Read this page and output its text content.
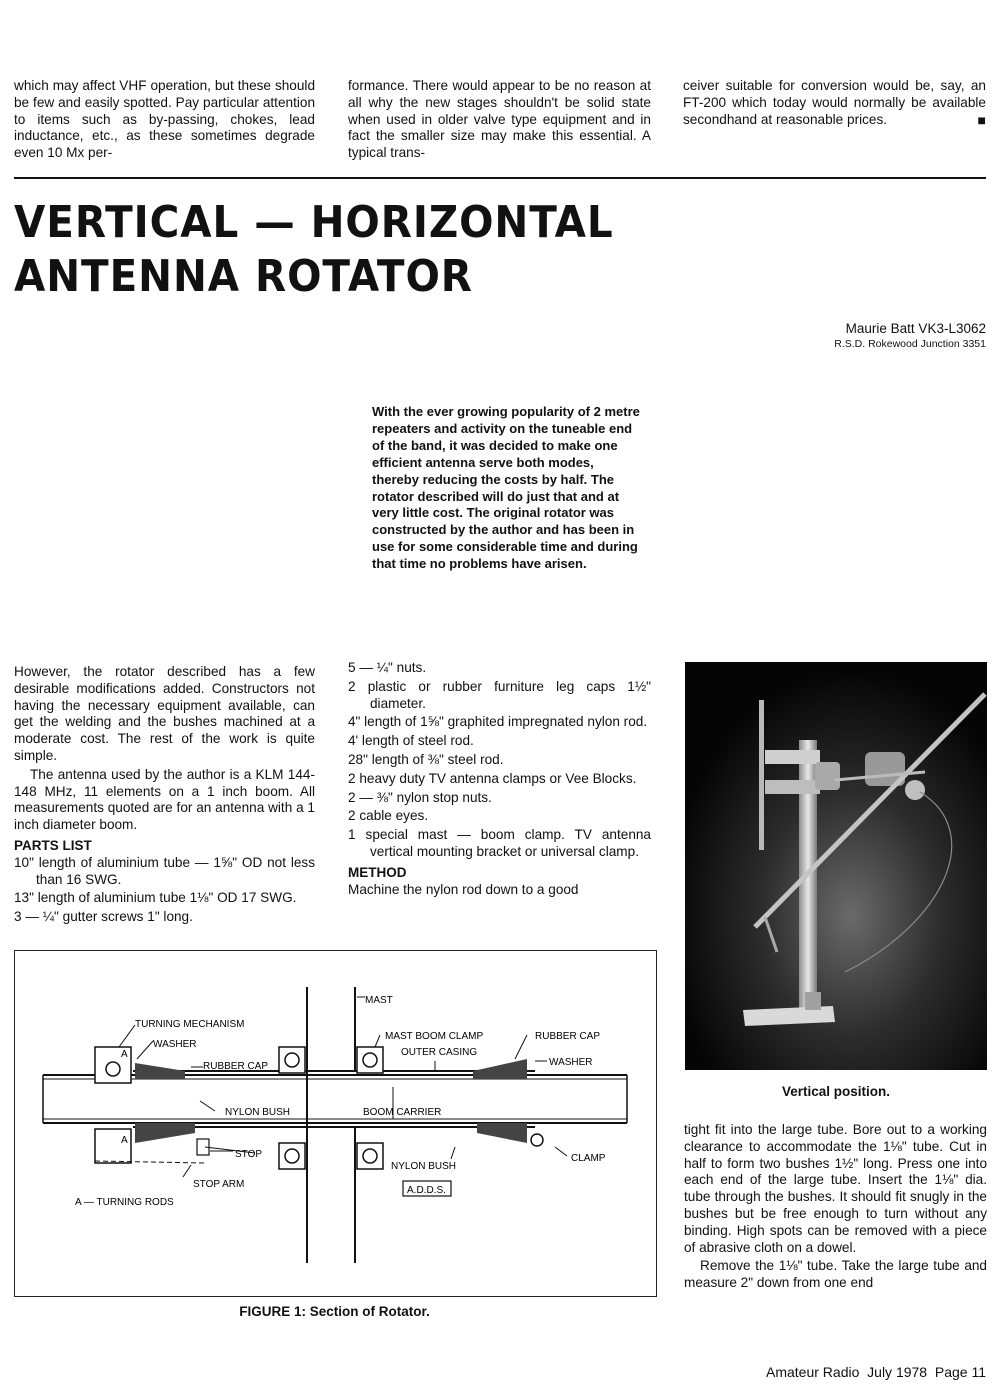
which may affect VHF operation, but these should be few and easily spotted. Pay particular attention to items such as by-passing, chokes, lead inductance, etc., as these sometimes degrade even 10 Mx per-
formance. There would appear to be no reason at all why the new stages shouldn't be solid state when used in older valve type equipment and in fact the smaller size may make this essential. A typical trans-
ceiver suitable for conversion would be, say, an FT-200 which today would normally be available secondhand at reasonable prices.	■
VERTICAL — HORIZONTAL
ANTENNA ROTATOR
Maurie Batt VK3-L3062
R.S.D. Rokewood Junction 3351
With the ever growing popularity of 2 metre repeaters and activity on the tuneable end of the band, it was decided to make one efficient antenna serve both modes, thereby reducing the costs by half. The rotator described will do just that and at very little cost. The original rotator was constructed by the author and has been in use for some considerable time and during that time no problems have arisen.

However, the rotator described has a few desirable modifications added. Constructors not having the necessary equipment available, can get the welding and the bushes machined at a moderate cost. The rest of the work is quite simple.

The antenna used by the author is a KLM 144-148 MHz, 11 elements on a 1 inch boom. All measurements quoted are for an antenna with a 1 inch diameter boom.

PARTS LIST

10" length of aluminium tube — 1⅝" OD not less than 16 SWG.

13" length of aluminium tube 1⅛" OD 17 SWG.

3 — ¼" gutter screws 1" long.

5 — ¼" nuts.

2 plastic or rubber furniture leg caps 1½" diameter.

4" length of 1⅝" graphited impregnated nylon rod.

4' length of steel rod.

28" length of ⅜" steel rod.

2 heavy duty TV antenna clamps or Vee Blocks.

2 — ⅜" nylon stop nuts.

2 cable eyes.

1 special mast — boom clamp. TV antenna vertical mounting bracket or universal clamp.

METHOD

Machine the nylon rod down to a good

Vertical position.

tight fit into the large tube. Bore out to a working clearance to accommodate the 1⅛" tube. Cut in half to form two bushes 1½" long. Press one into each end of the large tube. Insert the 1⅛" dia. tube through the bushes. It should fit snugly in the bushes but be free enough to turn without any binding. High spots can be removed with a piece of abrasive cloth on a dowel.

Remove the 1⅛" tube. Take the large tube and measure 2" down from one end

MAST
TURNING MECHANISM
WASHER
RUBBER CAP
MAST BOOM CLAMP
OUTER CASING
RUBBER CAP
WASHER
NYLON BUSH	BOOM CARRIER
STOP
STOP ARM
NYLON BUSH
CLAMP
A.D.D.S.
A — TURNING RODS
A
A
FIGURE 1: Section of Rotator.
Amateur Radio  July 1978  Page 11
